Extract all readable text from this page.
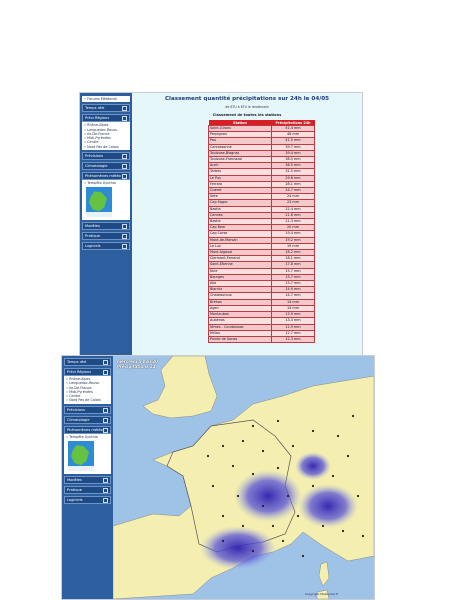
» Forums Météociel
Temps réel
Prévi Régions
» Rhône-Alpes
» Languedoc-Rouss.
» Ile-De-France
» Midi-Pyrénées
» Centre
» Nord Pas de Calais
Prévisions
Climatologie
Phénomènes météo
» Tempête Xynthia
Modèles
Pratique
Logiciels
Classement quantité précipitations sur 24h le 04/05
de 6TU à 6TU le lendemain
Classement de toutes les stations
Station	Précipitations 24h
Saint-Girons	51.4 mm
Perpignan	46 mm
Pau	41.5 mm
Carcassonne	39.7 mm
Toulouse-Blagnac	39.4 mm
Toulouse-Francazal	38.5 mm
Auch	36.5 mm
Tarbes	31.5 mm
Le Puy	29.6 mm
Ferrara	28.1 mm
Gueret	24.7 mm
Sete	24 mm
Cap Sagro	23 mm
Bastia	22.4 mm
Cannes	21.6 mm
Bastia	21.3 mm
Cap Bear	20 mm
Cap Corse	19.4 mm
Mont-de-Marsan	19.2 mm
La Luz	19 mm
Mont-Aigoual	18.2 mm
Clermont-Ferrand	18.1 mm
Saint-Etienne	17.8 mm
Nice	15.7 mm
Bourges	15.7 mm
Albi	15.7 mm
Biarritz	14.9 mm
Chateauroux	14.7 mm
Bréhas	14 mm
Agen	14 mm
Montauban	13.9 mm
Aubenas	13.3 mm
Nîmes - Courbessac	12.9 mm
Millau	12.7 mm
Pointe de Socoa	12.3 mm
Temps réel
Prévi Régions
» Rhône-Alpes
» Languedoc-Rouss.
» Ile-De-France
» Midi-Pyrénées
» Centre
» Nord Pas de Calais
Prévisions
Climatologie
Phénomènes météo
» Tempête Xynthia
Modèles
Pratique
Logiciels
mercredi 5 mai 20
Précipitations 24
Copyright Meteociel.fr
